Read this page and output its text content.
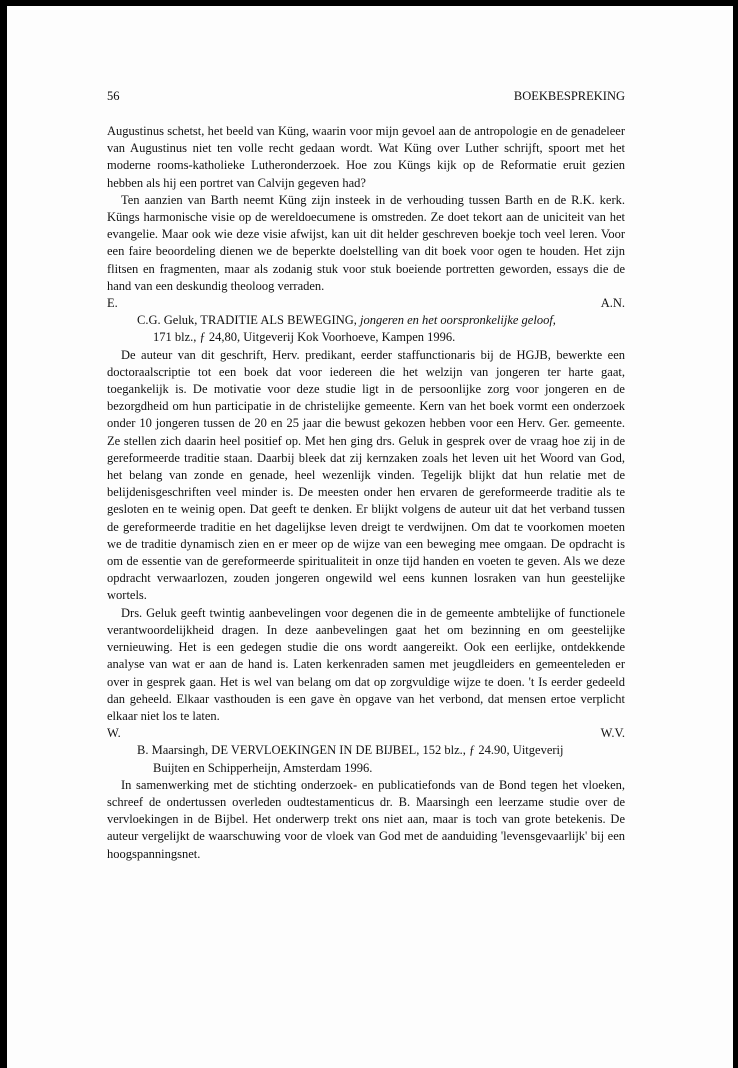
56	BOEKBESPREKING

Augustinus schetst, het beeld van Küng, waarin voor mijn gevoel aan de antropologie en de genadeleer van Augustinus niet ten volle recht gedaan wordt. Wat Küng over Luther schrijft, spoort met het moderne rooms-katholieke Lutheronderzoek. Hoe zou Küngs kijk op de Reformatie eruit gezien hebben als hij een portret van Calvijn gegeven had?

Ten aanzien van Barth neemt Küng zijn insteek in de verhouding tussen Barth en de R.K. kerk. Küngs harmonische visie op de wereldoecumene is omstreden. Ze doet tekort aan de uniciteit van het evangelie. Maar ook wie deze visie afwijst, kan uit dit helder geschreven boekje toch veel leren. Voor een faire beoordeling dienen we de beperkte doelstelling van dit boek voor ogen te houden. Het zijn flitsen en fragmenten, maar als zodanig stuk voor stuk boeiende portretten geworden, essays die de hand van een deskundig theoloog verraden.

E.	A.N.

C.G. Geluk, TRADITIE ALS BEWEGING, jongeren en het oorspronkelijke geloof,
171 blz., ƒ 24,80, Uitgeverij Kok Voorhoeve, Kampen 1996.

De auteur van dit geschrift, Herv. predikant, eerder staffunctionaris bij de HGJB, bewerkte een doctoraalscriptie tot een boek dat voor iedereen die het welzijn van jongeren ter harte gaat, toegankelijk is. De motivatie voor deze studie ligt in de persoonlijke zorg voor jongeren en de bezorgdheid om hun participatie in de christelijke gemeente. Kern van het boek vormt een onderzoek onder 10 jongeren tussen de 20 en 25 jaar die bewust gekozen hebben voor een Herv. Ger. gemeente. Ze stellen zich daarin heel positief op. Met hen ging drs. Geluk in gesprek over de vraag hoe zij in de gereformeerde traditie staan. Daarbij bleek dat zij kernzaken zoals het leven uit het Woord van God, het belang van zonde en genade, heel wezenlijk vinden. Tegelijk blijkt dat hun relatie met de belijdenisgeschriften veel minder is. De meesten onder hen ervaren de gereformeerde traditie als te gesloten en te weinig open. Dat geeft te denken. Er blijkt volgens de auteur uit dat het verband tussen de gereformeerde traditie en het dagelijkse leven dreigt te verdwijnen. Om dat te voorkomen moeten we de traditie dynamisch zien en er meer op de wijze van een beweging mee omgaan. De opdracht is om de essentie van de gereformeerde spiritualiteit in onze tijd handen en voeten te geven. Als we deze opdracht verwaarlozen, zouden jongeren ongewild wel eens kunnen losraken van hun geestelijke wortels.

Drs. Geluk geeft twintig aanbevelingen voor degenen die in de gemeente ambtelijke of functionele verantwoordelijkheid dragen. In deze aanbevelingen gaat het om bezinning en om geestelijke vernieuwing. Het is een gedegen studie die ons wordt aangereikt. Ook een eerlijke, ontdekkende analyse van wat er aan de hand is. Laten kerkenraden samen met jeugdleiders en gemeenteleden er over in gesprek gaan. Het is wel van belang om dat op zorgvuldige wijze te doen. 't Is eerder gedeeld dan geheeld. Elkaar vasthouden is een gave èn opgave van het verbond, dat mensen ertoe verplicht elkaar niet los te laten.

W.	W.V.

B. Maarsingh, DE VERVLOEKINGEN IN DE BIJBEL, 152 blz., ƒ 24.90, Uitgeverij
Buijten en Schipperheijn, Amsterdam 1996.

In samenwerking met de stichting onderzoek- en publicatiefonds van de Bond tegen het vloeken, schreef de ondertussen overleden oudtestamenticus dr. B. Maarsingh een leerzame studie over de vervloekingen in de Bijbel. Het onderwerp trekt ons niet aan, maar is toch van grote betekenis. De auteur vergelijkt de waarschuwing voor de vloek van God met de aanduiding 'levensgevaarlijk' bij een hoogspanningsnet.
